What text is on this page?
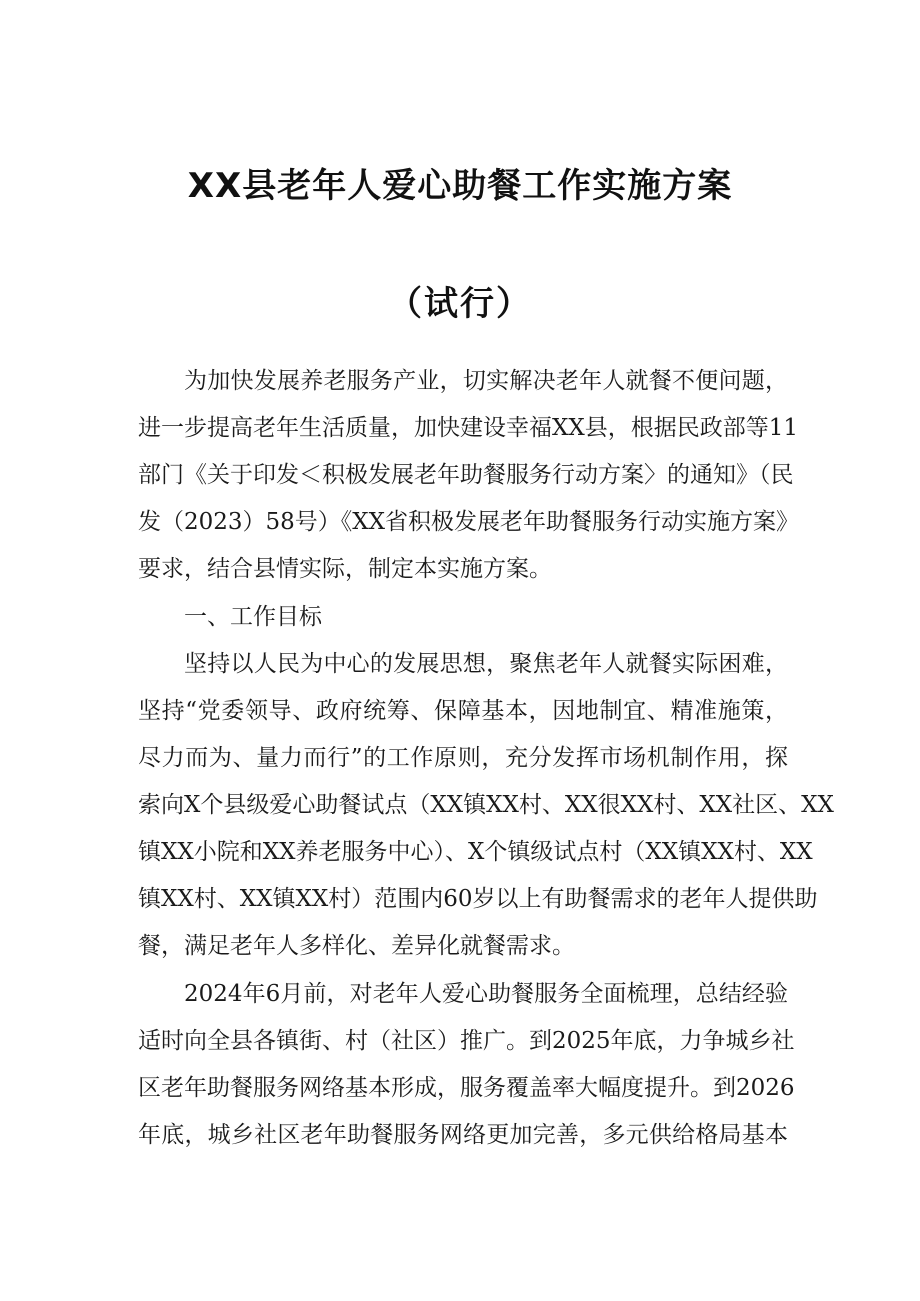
XX县老年人爱心助餐工作实施方案
（试行）
为加快发展养老服务产业，切实解决老年人就餐不便问题，
进一步提高老年生活质量，加快建设幸福XX县，根据民政部等11
部门《关于印发＜积极发展老年助餐服务行动方案〉的通知》（民
发（2023）58号）《XX省积极发展老年助餐服务行动实施方案》
要求，结合县情实际，制定本实施方案。
一、工作目标
坚持以人民为中心的发展思想，聚焦老年人就餐实际困难，
坚持“党委领导、政府统筹、保障基本，因地制宜、精准施策，
尽力而为、量力而行”的工作原则，充分发挥市场机制作用，探
索向X个县级爱心助餐试点（XX镇XX村、XX很XX村、XX社区、XX
镇XX小院和XX养老服务中心）、X个镇级试点村（XX镇XX村、XX
镇XX村、XX镇XX村）范围内60岁以上有助餐需求的老年人提供助
餐，满足老年人多样化、差异化就餐需求。
2024年6月前，对老年人爱心助餐服务全面梳理，总结经验
适时向全县各镇街、村（社区）推广。到2025年底，力争城乡社
区老年助餐服务网络基本形成，服务覆盖率大幅度提升。到2026
年底，城乡社区老年助餐服务网络更加完善，多元供给格局基本
